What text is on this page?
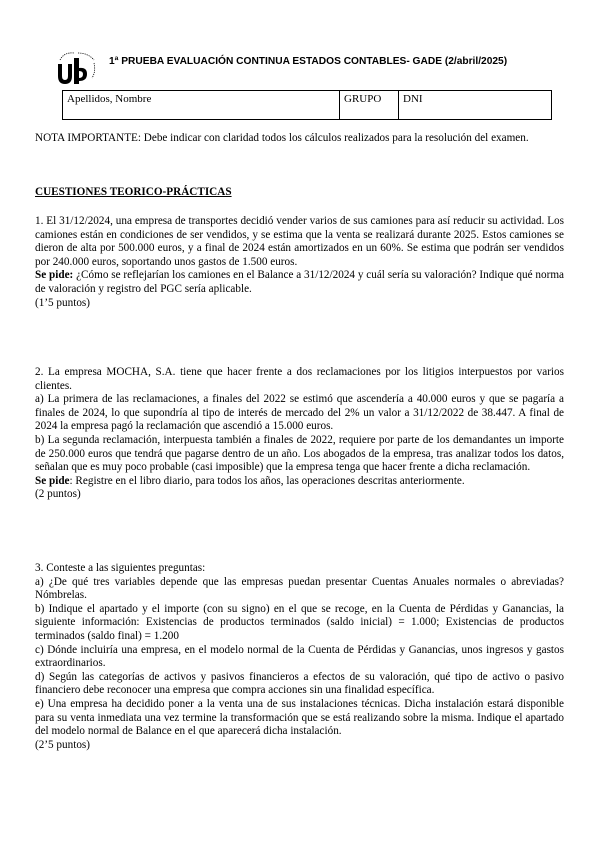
1ª PRUEBA EVALUACIÓN CONTINUA ESTADOS CONTABLES- GADE (2/abril/2025)
Apellidos, Nombre	GRUPO	DNI
NOTA IMPORTANTE: Debe indicar con claridad todos los cálculos realizados para la resolución del examen.
CUESTIONES TEORICO-PRÁCTICAS

1. El 31/12/2024, una empresa de transportes decidió vender varios de sus camiones para así reducir su actividad. Los camiones están en condiciones de ser vendidos, y se estima que la venta se realizará durante 2025. Estos camiones se dieron de alta por 500.000 euros, y a final de 2024 están amortizados en un 60%. Se estima que podrán ser vendidos por 240.000 euros, soportando unos gastos de 1.500 euros.

Se pide: ¿Cómo se reflejarían los camiones en el Balance a 31/12/2024 y cuál sería su valoración? Indique qué norma de valoración y registro del PGC sería aplicable.

(1’5 puntos)

2. La empresa MOCHA, S.A. tiene que hacer frente a dos reclamaciones por los litigios interpuestos por varios clientes.

a) La primera de las reclamaciones, a finales del 2022 se estimó que ascendería a 40.000 euros y que se pagaría a finales de 2024, lo que supondría al tipo de interés de mercado del 2% un valor a 31/12/2022 de 38.447. A final de 2024 la empresa pagó la reclamación que ascendió a 15.000 euros.

b) La segunda reclamación, interpuesta también a finales de 2022, requiere por parte de los demandantes un importe de 250.000 euros que tendrá que pagarse dentro de un año. Los abogados de la empresa, tras analizar todos los datos, señalan que es muy poco probable (casi imposible) que la empresa tenga que hacer frente a dicha reclamación.

Se pide: Registre en el libro diario, para todos los años, las operaciones descritas anteriormente.

(2 puntos)

3. Conteste a las siguientes preguntas:

a) ¿De qué tres variables depende que las empresas puedan presentar Cuentas Anuales normales o abreviadas? Nómbrelas.

b) Indique el apartado y el importe (con su signo) en el que se recoge, en la Cuenta de Pérdidas y Ganancias, la siguiente información: Existencias de productos terminados (saldo inicial) = 1.000; Existencias de productos terminados (saldo final) = 1.200

c) Dónde incluiría una empresa, en el modelo normal de la Cuenta de Pérdidas y Ganancias, unos ingresos y gastos extraordinarios.

d) Según las categorías de activos y pasivos financieros a efectos de su valoración, qué tipo de activo o pasivo financiero debe reconocer una empresa que compra acciones sin una finalidad específica.

e) Una empresa ha decidido poner a la venta una de sus instalaciones técnicas. Dicha instalación estará disponible para su venta inmediata una vez termine la transformación que se está realizando sobre la misma. Indique el apartado del modelo normal de Balance en el que aparecerá dicha instalación.

(2’5 puntos)
